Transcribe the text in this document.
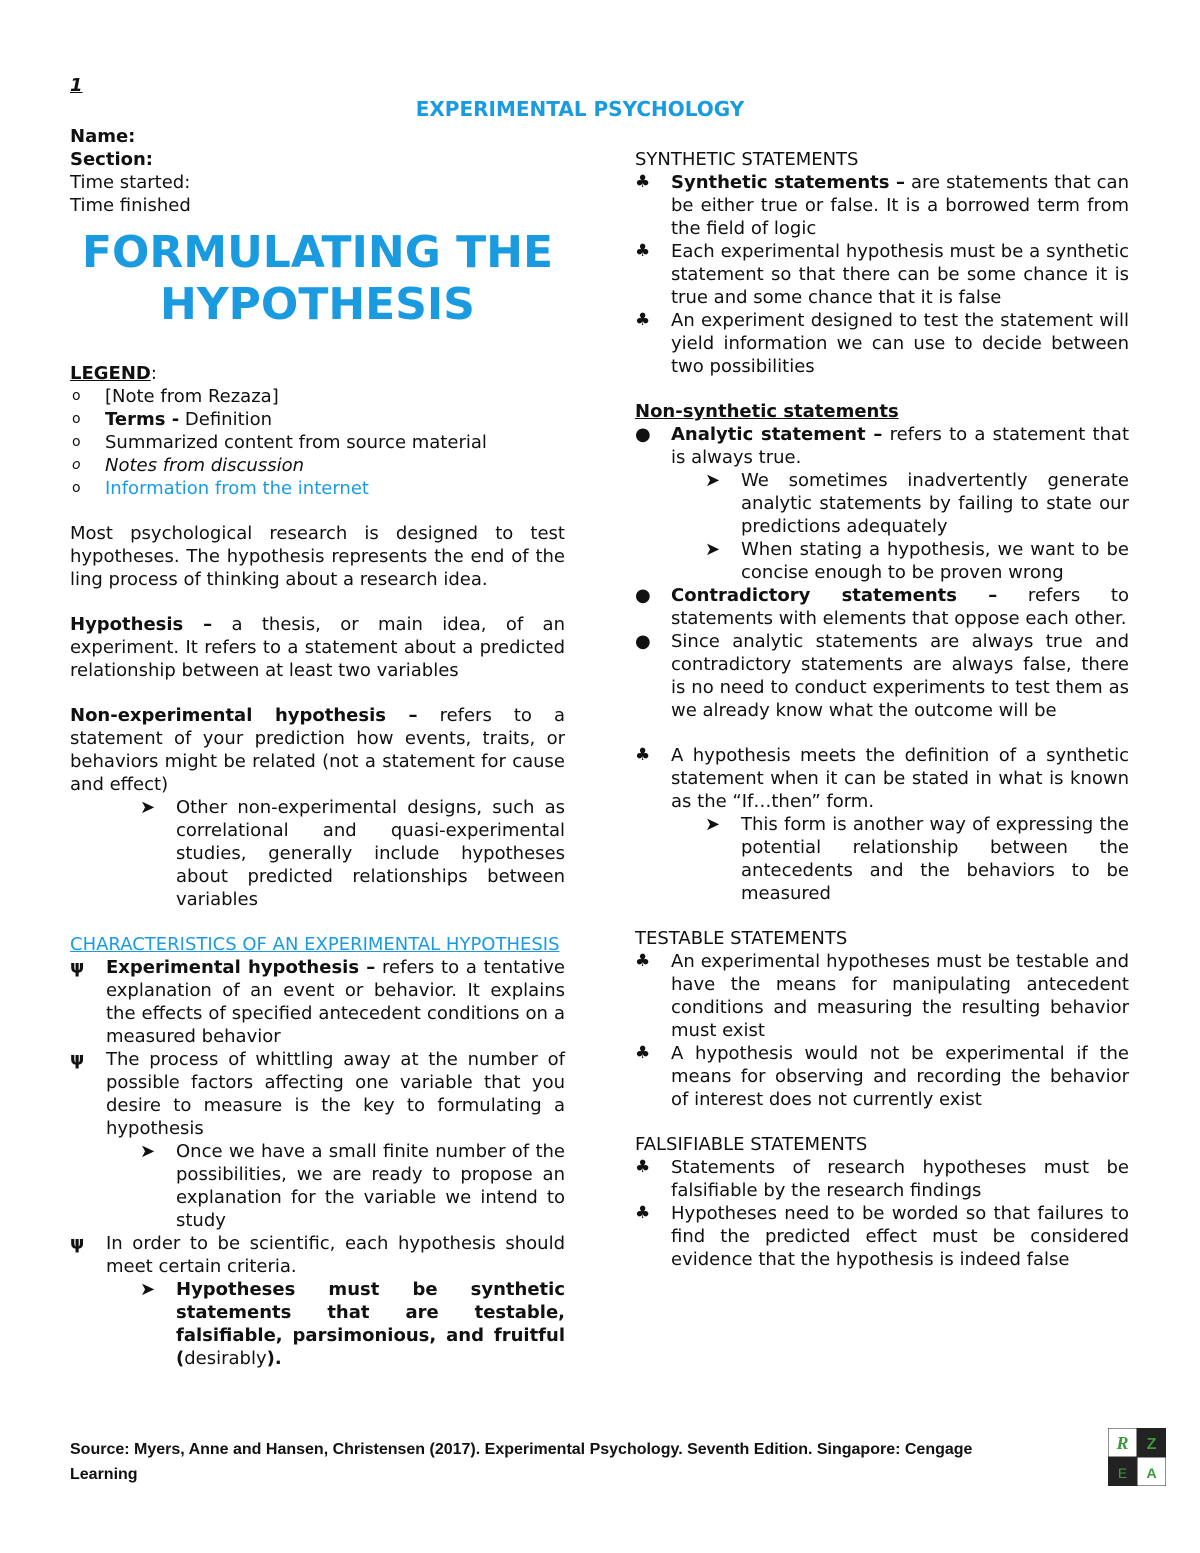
1
EXPERIMENTAL PSYCHOLOGY

Name:

Section:

Time started:

Time finished

FORMULATING THE
HYPOTHESIS

LEGEND:

o [Note from Rezaza]
o Terms - Definition
o Summarized content from source material
o Notes from discussion
o Information from the internet

Most psychological research is designed to test hypotheses. The hypothesis represents the end of the ling process of thinking about a research idea.

Hypothesis – a thesis, or main idea, of an experiment. It refers to a statement about a predicted relationship between at least two variables

Non-experimental hypothesis – refers to a statement of your prediction how events, traits, or behaviors might be related (not a statement for cause and effect)

➤ Other non-experimental designs, such as correlational and quasi-experimental studies, generally include hypotheses about predicted relationships between variables

CHARACTERISTICS OF AN EXPERIMENTAL HYPOTHESIS

ψ	Experimental hypothesis – refers to a tentative explanation of an event or behavior. It explains the effects of specified antecedent conditions on a measured behavior
ψ	The process of whittling away at the number of possible factors affecting one variable that you desire to measure is the key to formulating a hypothesis
➤ Once we have a small finite number of the possibilities, we are ready to propose an explanation for the variable we intend to study
ψ	In order to be scientific, each hypothesis should meet certain criteria.
➤ Hypotheses must be synthetic statements that are testable, falsifiable, parsimonious, and fruitful (desirably).

SYNTHETIC STATEMENTS

♣	Synthetic statements – are statements that can be either true or false. It is a borrowed term from the field of logic
♣	Each experimental hypothesis must be a synthetic statement so that there can be some chance it is true and some chance that it is false
♣	An experiment designed to test the statement will yield information we can use to decide between two possibilities

Non-synthetic statements

●	Analytic statement – refers to a statement that is always true.
➤ We sometimes inadvertently generate analytic statements by failing to state our predictions adequately
➤ When stating a hypothesis, we want to be concise enough to be proven wrong
●	Contradictory statements – refers to statements with elements that oppose each other.
●	Since analytic statements are always true and contradictory statements are always false, there is no need to conduct experiments to test them as we already know what the outcome will be
♣	A hypothesis meets the definition of a synthetic statement when it can be stated in what is known as the “If…then” form.
➤ This form is another way of expressing the potential relationship between the antecedents and the behaviors to be measured

TESTABLE STATEMENTS

♣	An experimental hypotheses must be testable and have the means for manipulating antecedent conditions and measuring the resulting behavior must exist
♣	A hypothesis would not be experimental if the means for observing and recording the behavior of interest does not currently exist

FALSIFIABLE STATEMENTS

♣	Statements of research hypotheses must be falsifiable by the research findings
♣	Hypotheses need to be worded so that failures to find the predicted effect must be considered evidence that the hypothesis is indeed false
Source: Myers, Anne and Hansen, Christensen (2017). Experimental Psychology. Seventh Edition. Singapore: Cengage
Learning
R Z
E A
